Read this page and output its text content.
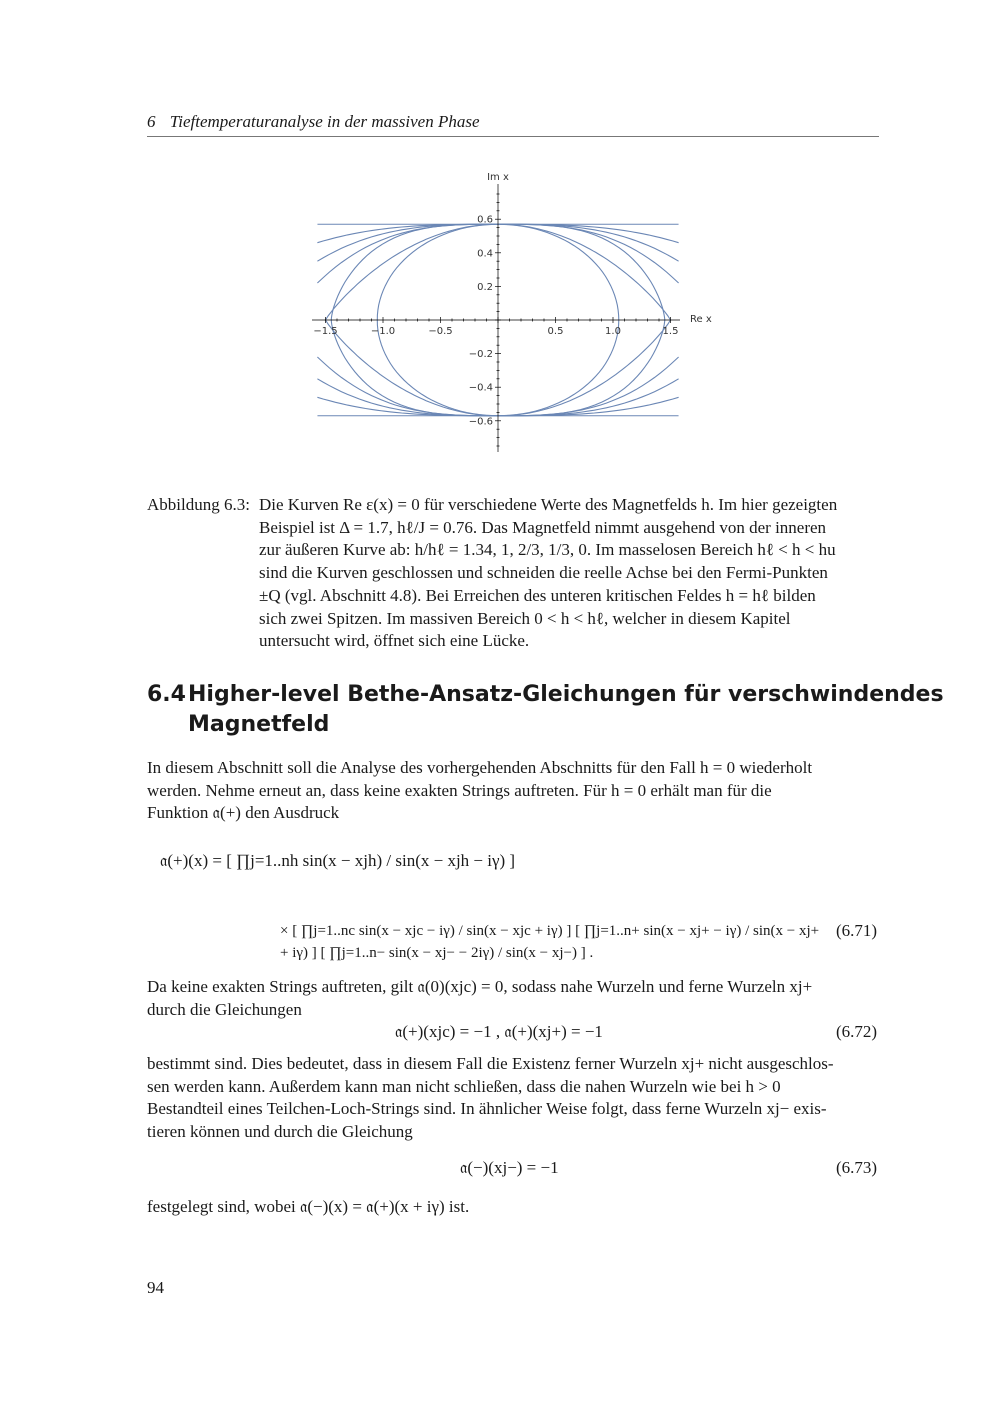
6 Tieftemperaturanalyse in der massiven Phase
−1.5	−1.0	−0.5	0.5	1.0	1.5
0.6
0.4
0.2
−0.2
−0.4
−0.6
Re x
Im x
Abbildung 6.3: Die Kurven Re ε(x) = 0 für verschiedene Werte des Magnetfelds h. Im hier gezeigten
Beispiel ist Δ = 1.7, hℓ/J = 0.76. Das Magnetfeld nimmt ausgehend von der inneren
zur äußeren Kurve ab: h/hℓ = 1.34, 1, 2/3, 1/3, 0. Im masselosen Bereich hℓ < h < hu
sind die Kurven geschlossen und schneiden die reelle Achse bei den Fermi-Punkten
±Q (vgl. Abschnitt 4.8). Bei Erreichen des unteren kritischen Feldes h = hℓ bilden
sich zwei Spitzen. Im massiven Bereich 0 < h < hℓ, welcher in diesem Kapitel
untersucht wird, öffnet sich eine Lücke.
6.4 Higher-level Bethe-Ansatz-Gleichungen für verschwindendes
Magnetfeld
In diesem Abschnitt soll die Analyse des vorhergehenden Abschnitts für den Fall h = 0 wiederholt
werden. Nehme erneut an, dass keine exakten Strings auftreten. Für h = 0 erhält man für die
Funktion 𝔞(+) den Ausdruck
𝔞(+)(x) = [ ∏j=1..nh sin(x − xjh) / sin(x − xjh − iγ) ]
× [ ∏j=1..nc sin(x − xjc − iγ) / sin(x − xjc + iγ) ] [ ∏j=1..n+ sin(x − xj+ − iγ) / sin(x − xj+ + iγ) ] [ ∏j=1..n− sin(x − xj− − 2iγ) / sin(x − xj−) ] .
(6.71)
Da keine exakten Strings auftreten, gilt 𝔞(0)(xjc) = 0, sodass nahe Wurzeln und ferne Wurzeln xj+
durch die Gleichungen
𝔞(+)(xjc) = −1 , 𝔞(+)(xj+) = −1	(6.72)
bestimmt sind. Dies bedeutet, dass in diesem Fall die Existenz ferner Wurzeln xj+ nicht ausgeschlos-
sen werden kann. Außerdem kann man nicht schließen, dass die nahen Wurzeln wie bei h > 0
Bestandteil eines Teilchen-Loch-Strings sind. In ähnlicher Weise folgt, dass ferne Wurzeln xj− exis-
tieren können und durch die Gleichung
𝔞(−)(xj−) = −1	(6.73)
festgelegt sind, wobei 𝔞(−)(x) = 𝔞(+)(x + iγ) ist.
94
